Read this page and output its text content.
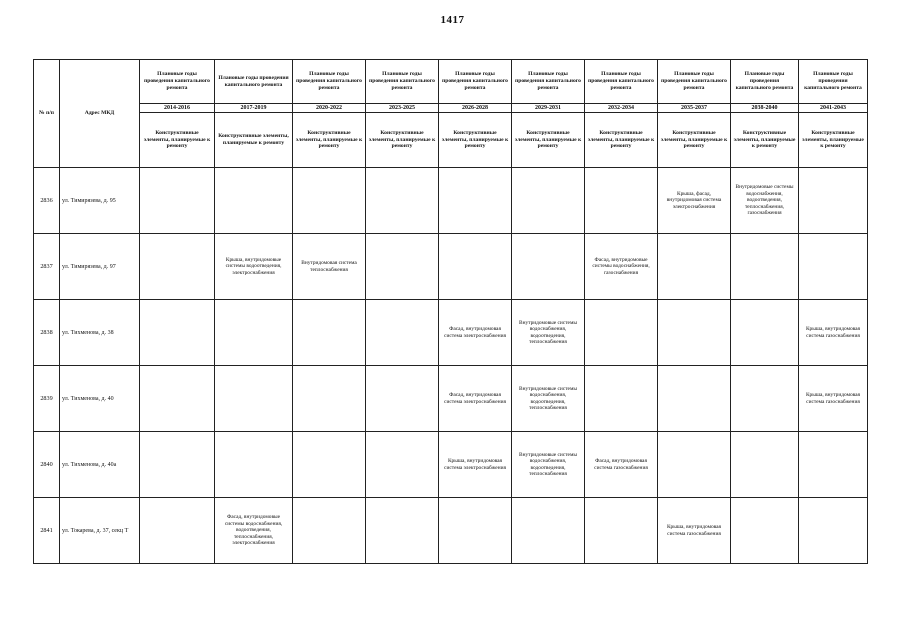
1417
№ п/п	Адрес МКД	Плановые годы проведения капитального ремонта	Плановые годы проведения капитального ремонта	Плановые годы проведения капитального ремонта	Плановые годы проведения капитального ремонта	Плановые годы проведения капитального ремонта	Плановые годы проведения капитального ремонта	Плановые годы проведения капитального ремонта	Плановые годы проведения капитального ремонта	Плановые годы проведения капитального ремонта	Плановые годы проведения капитального ремонта
		2014-2016	2017-2019	2020-2022	2023-2025	2026-2028	2029-2031	2032-2034	2035-2037	2038-2040	2041-2043
		Конструктивные элементы, планируемые к ремонту	Конструктивные элементы, планируемые к ремонту	Конструктивные элементы, планируемые к ремонту	Конструктивные элементы, планируемые к ремонту	Конструктивные элементы, планируемые к ремонту	Конструктивные элементы, планируемые к ремонту	Конструктивные элементы, планируемые к ремонту	Конструктивные элементы, планируемые к ремонту	Конструктивные элементы, планируемые к ремонту	Конструктивные элементы, планируемые к ремонту
2836	ул. Тимирязева, д. 95								Крыша, фасад, внутридомовая система электроснабжения	Внутридомовые системы водоснабжения, водоотведения, теплоснабжения, газоснабжения	
2837	ул. Тимирязева, д. 97		Крыша, внутридомовые системы водоотведения, электроснабжения	Внутридомовая система теплоснабжения				Фасад, внутридомовые системы водоснабжения, газоснабжения			
2838	ул. Тихменова, д. 38					Фасад, внутридомовая система электроснабжения	Внутридомовые системы водоснабжения, водоотведения, теплоснабжения				Крыша, внутридомовая система газоснабжения
2839	ул. Тихменова, д. 40					Фасад, внутридомовая система электроснабжения	Внутридомовые системы водоснабжения, водоотведения, теплоснабжения				Крыша, внутридомовая система газоснабжения
2840	ул. Тихменова, д. 40а					Крыша, внутридомовая система электроснабжения	Внутридомовые системы водоснабжения, водоотведения, теплоснабжения	Фасад, внутридомовая система газоснабжения			
2841	ул. Токарева, д. 37, секц Т		Фасад, внутридомовые системы водоснабжения, водоотведения, теплоснабжения, электроснабжения						Крыша, внутридомовая система газоснабжения		
